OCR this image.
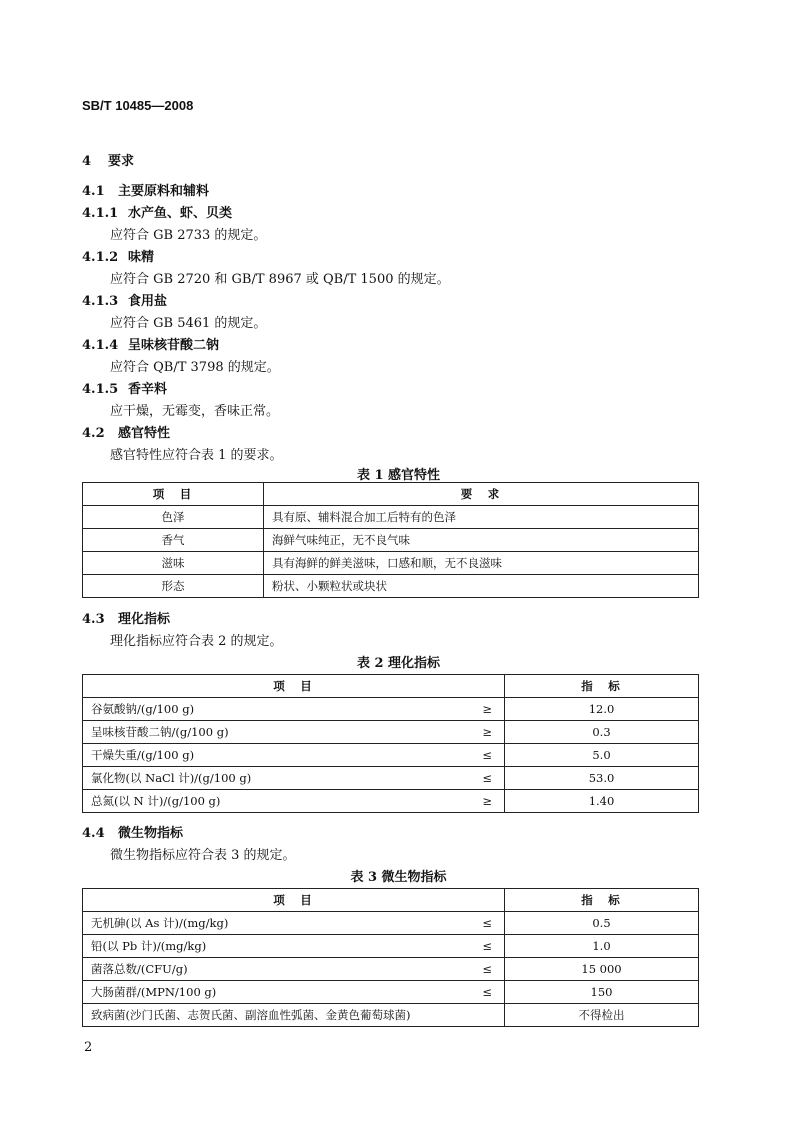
SB/T 10485—2008
4 要求
4.1 主要原料和辅料
4.1.1 水产鱼、虾、贝类
应符合 GB 2733 的规定。
4.1.2 味精
应符合 GB 2720 和 GB/T 8967 或 QB/T 1500 的规定。
4.1.3 食用盐
应符合 GB 5461 的规定。
4.1.4 呈味核苷酸二钠
应符合 QB/T 3798 的规定。
4.1.5 香辛料
应干燥，无霉变，香味正常。
4.2 感官特性
感官特性应符合表 1 的要求。
表 1 感官特性
项　目	要　求
色泽	具有原、辅料混合加工后特有的色泽
香气	海鲜气味纯正，无不良气味
滋味	具有海鲜的鲜美滋味，口感和顺，无不良滋味
形态	粉状、小颗粒状或块状
4.3 理化指标
理化指标应符合表 2 的规定。
表 2 理化指标
项　目		指　标
谷氨酸钠/(g/100 g)	≥	12.0
呈味核苷酸二钠/(g/100 g)	≥	0.3
干燥失重/(g/100 g)	≤	5.0
氯化物(以 NaCl 计)/(g/100 g)	≤	53.0
总氮(以 N 计)/(g/100 g)	≥	1.40
4.4 微生物指标
微生物指标应符合表 3 的规定。
表 3 微生物指标
项　目		指　标
无机砷(以 As 计)/(mg/kg)	≤	0.5
铅(以 Pb 计)/(mg/kg)	≤	1.0
菌落总数/(CFU/g)	≤	15 000
大肠菌群/(MPN/100 g)	≤	150
致病菌(沙门氏菌、志贺氏菌、副溶血性弧菌、金黄色葡萄球菌)		不得检出
2
